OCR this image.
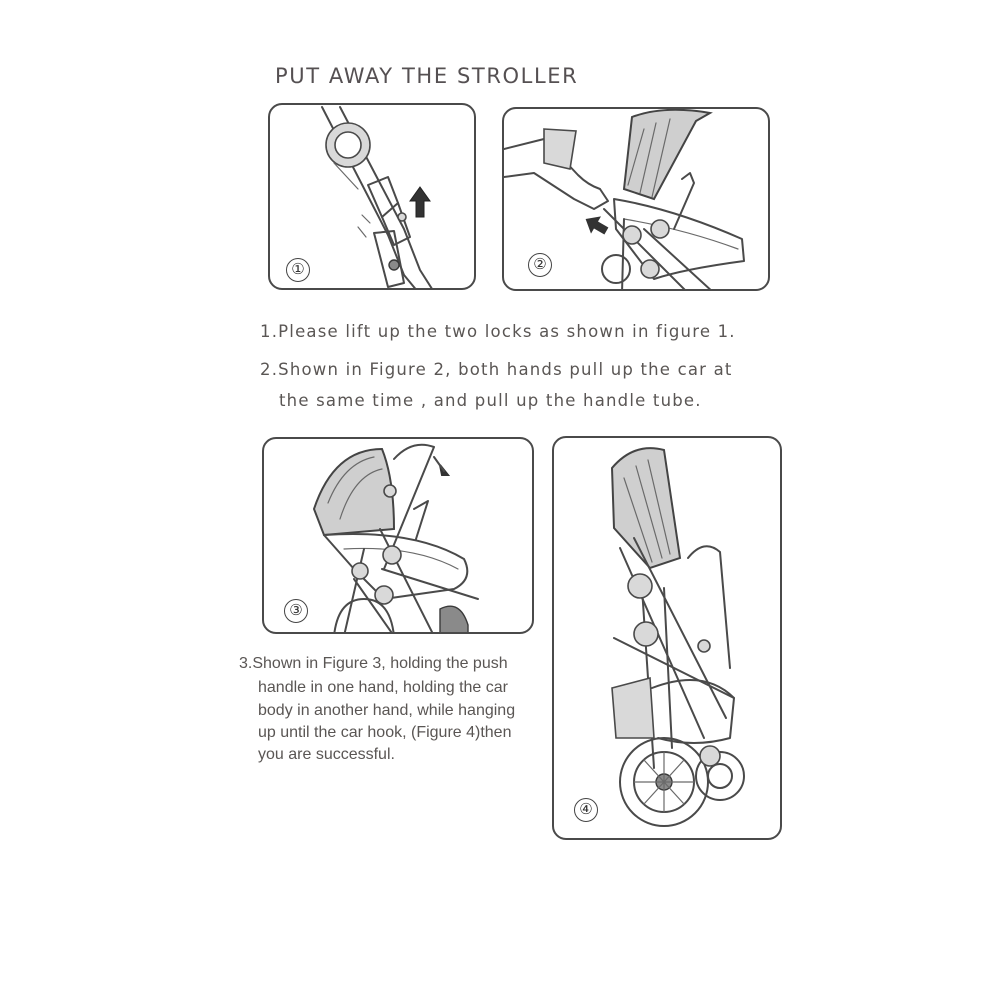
PUT AWAY THE STROLLER
①	②

1.Please lift up the two locks as shown in figure 1.

2.Shown in Figure 2, both hands pull up the car at

the same time , and pull up the handle tube.

③
④

3.Shown in Figure 3, holding the push

handle in one hand, holding the car

body in another hand, while hanging

up until the car hook, (Figure 4)then

you are successful.
